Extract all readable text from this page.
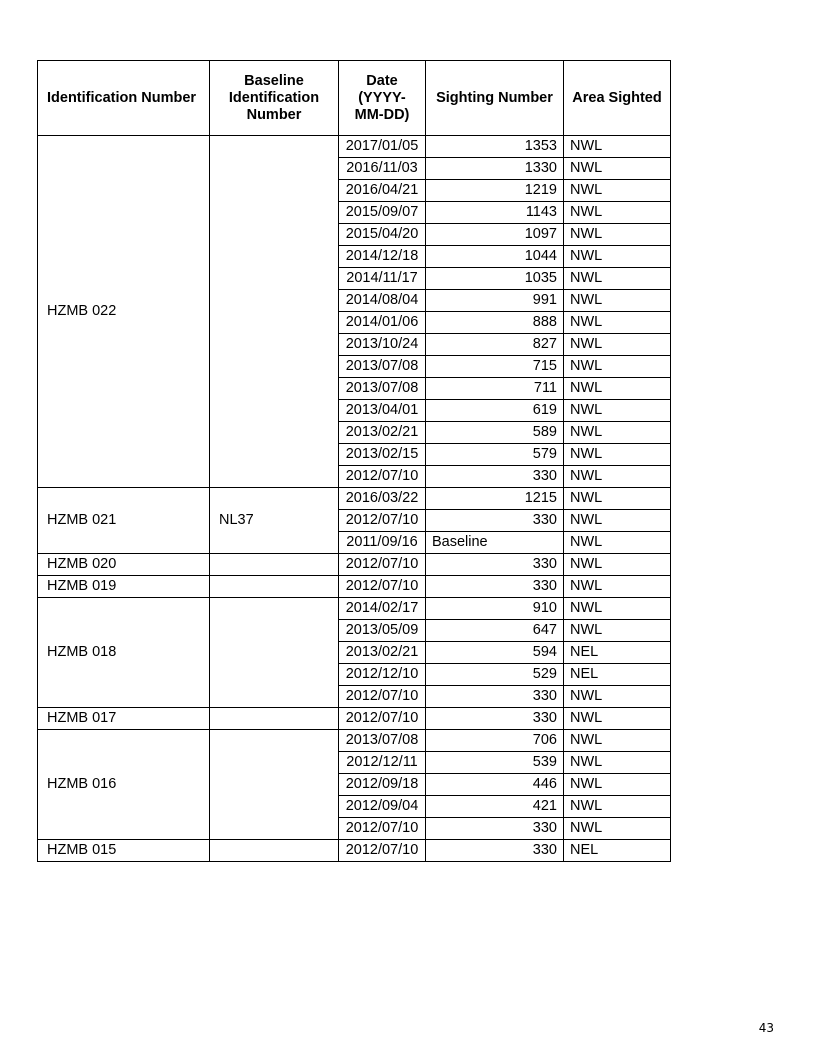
Identification Number	Baseline Identification Number	Date (YYYY-MM-DD)	Sighting Number	Area Sighted
HZMB 022		2017/01/05	1353	NWL
		2016/11/03	1330	NWL
		2016/04/21	1219	NWL
		2015/09/07	1143	NWL
		2015/04/20	1097	NWL
		2014/12/18	1044	NWL
		2014/11/17	1035	NWL
		2014/08/04	991	NWL
		2014/01/06	888	NWL
		2013/10/24	827	NWL
		2013/07/08	715	NWL
		2013/07/08	711	NWL
		2013/04/01	619	NWL
		2013/02/21	589	NWL
		2013/02/15	579	NWL
		2012/07/10	330	NWL
HZMB 021	NL37	2016/03/22	1215	NWL
		2012/07/10	330	NWL
		2011/09/16	Baseline	NWL
HZMB 020		2012/07/10	330	NWL
HZMB 019		2012/07/10	330	NWL
HZMB 018		2014/02/17	910	NWL
		2013/05/09	647	NWL
		2013/02/21	594	NEL
		2012/12/10	529	NEL
		2012/07/10	330	NWL
HZMB 017		2012/07/10	330	NWL
HZMB 016		2013/07/08	706	NWL
		2012/12/11	539	NWL
		2012/09/18	446	NWL
		2012/09/04	421	NWL
		2012/07/10	330	NWL
HZMB 015		2012/07/10	330	NEL
43
